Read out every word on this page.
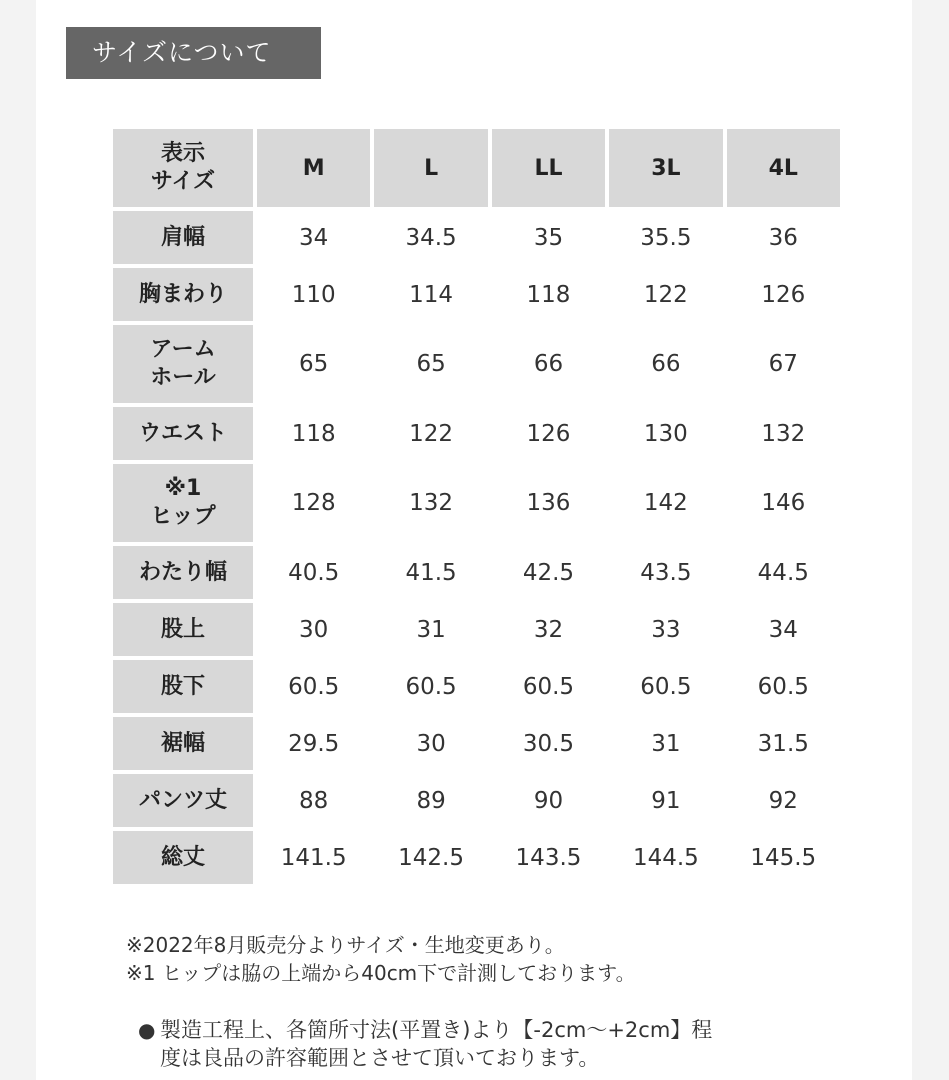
サイズについて
表示
サイズ	M	L	LL	3L	4L

肩幅	34	34.5	35	35.5	36

胸まわり	110	114	118	122	126

アーム
ホール	65	65	66	66	67

ウエスト	118	122	126	130	132

※1
ヒップ	128	132	136	142	146

わたり幅	40.5	41.5	42.5	43.5	44.5

股上	30	31	32	33	34

股下	60.5	60.5	60.5	60.5	60.5

裾幅	29.5	30	30.5	31	31.5

パンツ丈	88	89	90	91	92

総丈	141.5	142.5	143.5	144.5	145.5
※2022年8月販売分よりサイズ・生地変更あり。
※1 ヒップは脇の上端から40cm下で計測しております。
● 製造工程上、各箇所寸法(平置き)より【-2cm〜+2cm】程
度は良品の許容範囲とさせて頂いております。
